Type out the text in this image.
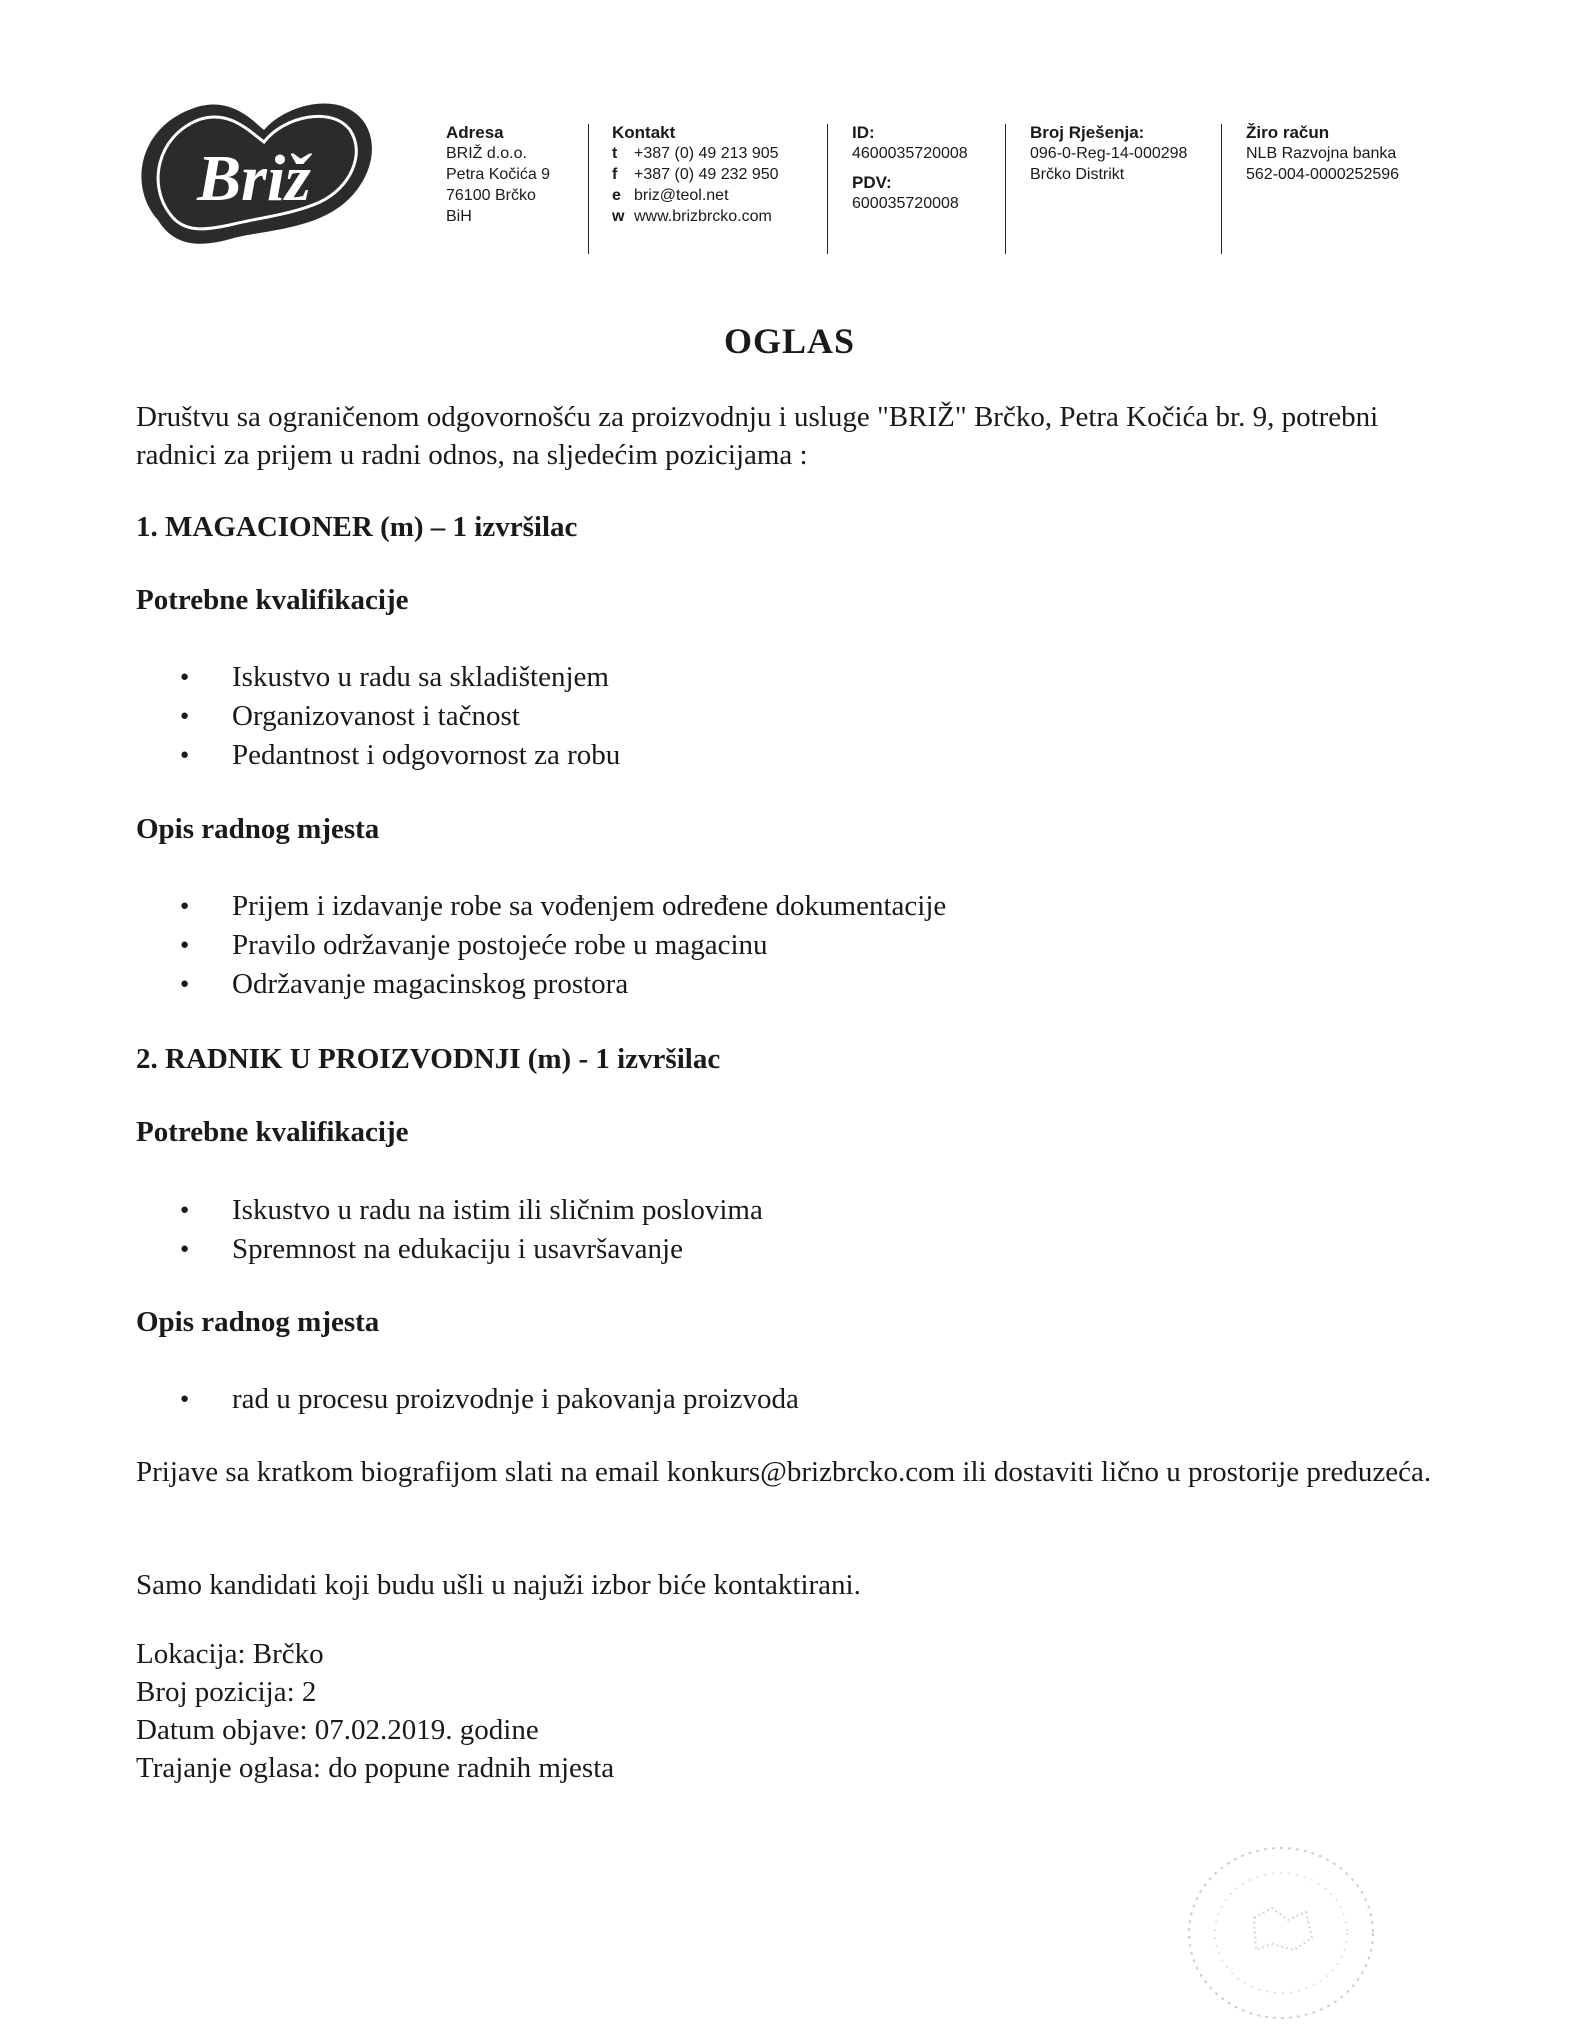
Briž
Adresa
BRIŽ d.o.o.
Petra Kočića 9
76100 Brčko
BiH
Kontakt
t +387 (0) 49 213 905
f +387 (0) 49 232 950
e briz@teol.net
w www.brizbrcko.com
ID:
4600035720008
PDV:
600035720008
Broj Rješenja:
096-0-Reg-14-000298
Brčko Distrikt
Žiro račun
NLB Razvojna banka
562-004-0000252596
OGLAS
Društvu sa ograničenom odgovornošću za proizvodnju i usluge "BRIŽ" Brčko, Petra Kočića br. 9, potrebni radnici za prijem u radni odnos, na sljedećim pozicijama :
1. MAGACIONER (m) – 1 izvršilac
Potrebne kvalifikacije
● Iskustvo u radu sa skladištenjem
● Organizovanost i tačnost
● Pedantnost i odgovornost za robu
Opis radnog mjesta
● Prijem i izdavanje robe sa vođenjem određene dokumentacije
● Pravilo održavanje postojeće robe u magacinu
● Održavanje magacinskog prostora
2. RADNIK U PROIZVODNJI (m) - 1 izvršilac
Potrebne kvalifikacije
● Iskustvo u radu na istim ili sličnim poslovima
● Spremnost na edukaciju i usavršavanje
Opis radnog mjesta
● rad u procesu proizvodnje i pakovanja proizvoda
Prijave sa kratkom biografijom slati na email konkurs@brizbrcko.com ili dostaviti lično u prostorije preduzeća.
Samo kandidati koji budu ušli u najuži izbor biće kontaktirani.
Lokacija: Brčko
Broj pozicija: 2
Datum objave: 07.02.2019. godine
Trajanje oglasa: do popune radnih mjesta
